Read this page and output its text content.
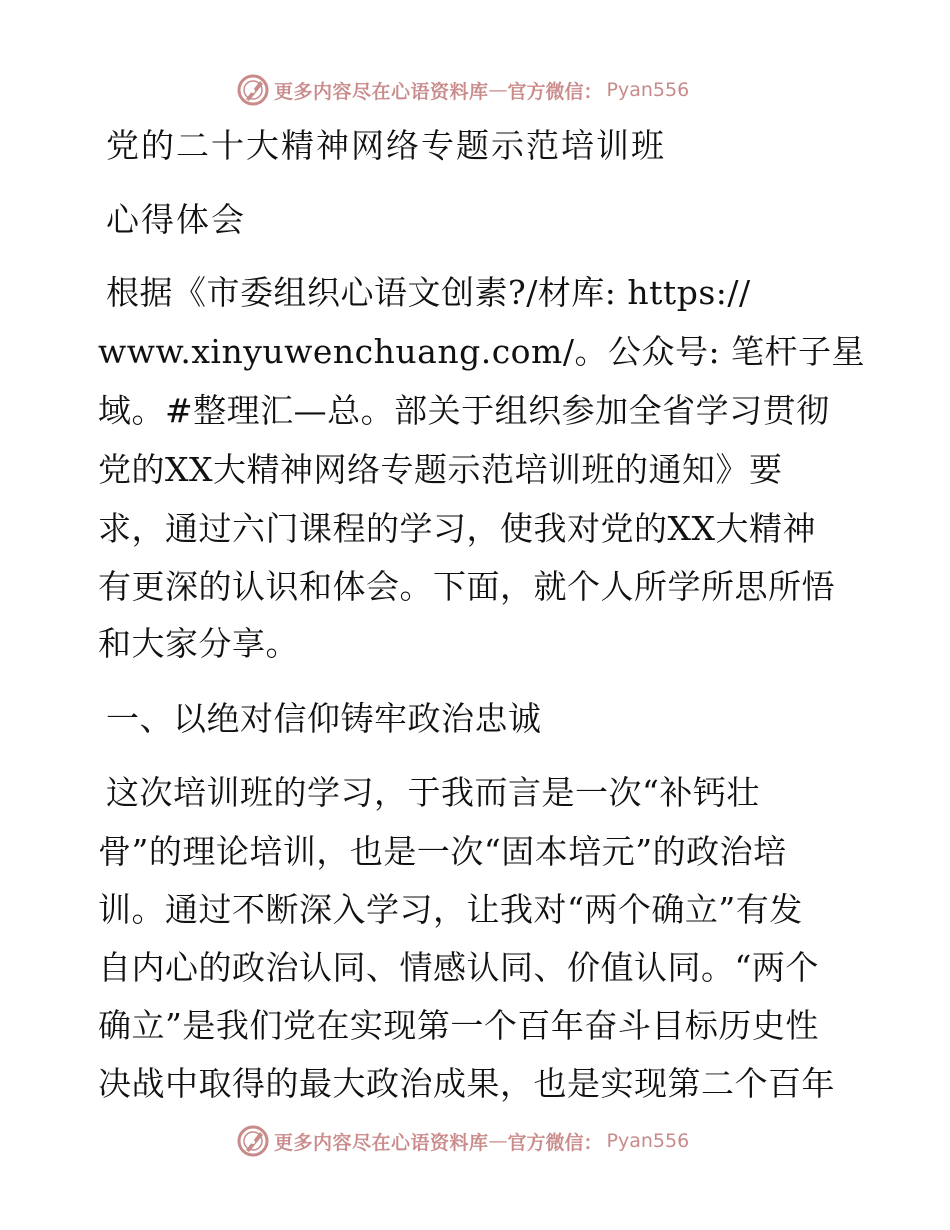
更多内容尽在心语资料库 — 官方微信： Pyan556
党的二十大精神网络专题示范培训班
心得体会
根据《市委组织心语文创素?/材库: https://
www.xinyuwenchuang.com/。公众号: 笔杆子星
域。#整理汇—总。部关于组织参加全省学习贯彻
党的XX大精神网络专题示范培训班的通知》要
求，通过六门课程的学习，使我对党的XX大精神
有更深的认识和体会。下面，就个人所学所思所悟
和大家分享。
一、以绝对信仰铸牢政治忠诚
这次培训班的学习，于我而言是一次“补钙壮
骨”的理论培训，也是一次“固本培元”的政治培
训。通过不断深入学习，让我对“两个确立”有发
自内心的政治认同、情感认同、价值认同。“两个
确立”是我们党在实现第一个百年奋斗目标历史性
决战中取得的最大政治成果，也是实现第二个百年
更多内容尽在心语资料库 — 官方微信： Pyan556
